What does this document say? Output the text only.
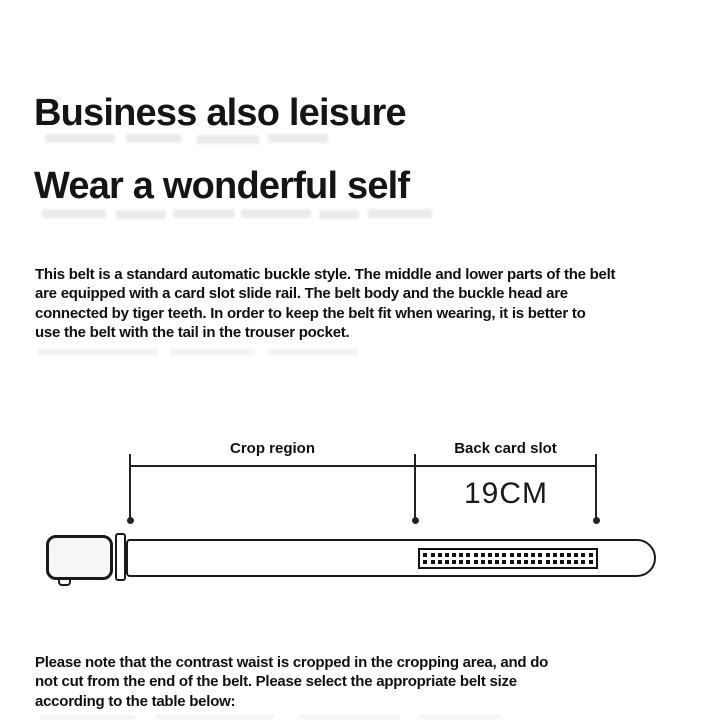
Business also leisure
Wear a wonderful self
This belt is a standard automatic buckle style. The middle and lower parts of the belt
are equipped with a card slot slide rail. The belt body and the buckle head are
connected by tiger teeth. In order to keep the belt fit when wearing, it is better to
use the belt with the tail in the trouser pocket.
Crop region	Back card slot
19CM
Please note that the contrast waist is cropped in the cropping area, and do
not cut from the end of the belt. Please select the appropriate belt size
according to the table below:
